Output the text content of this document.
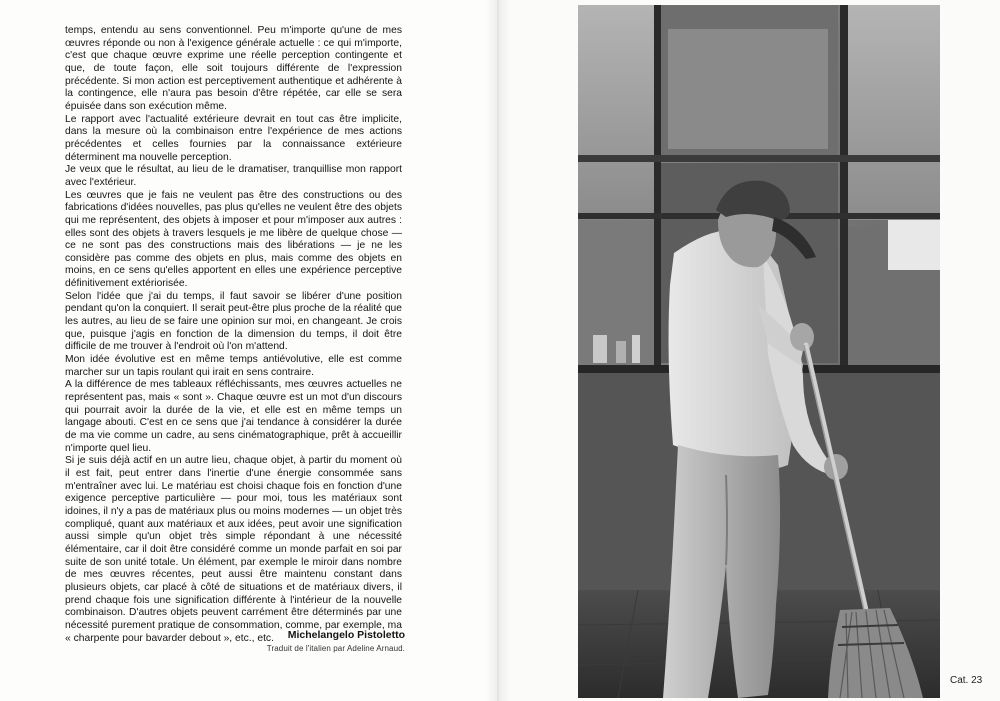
temps, entendu au sens conventionnel. Peu m'importe qu'une de mes œuvres réponde ou non à l'exigence générale actuelle : ce qui m'importe, c'est que chaque œuvre exprime une réelle perception contingente et que, de toute façon, elle soit toujours différente de l'expression précédente. Si mon action est perceptivement authentique et adhérente à la contingence, elle n'aura pas besoin d'être répétée, car elle se sera épuisée dans son exécution même.

Le rapport avec l'actualité extérieure devrait en tout cas être implicite, dans la mesure où la combinaison entre l'expérience de mes actions précédentes et celles fournies par la connaissance extérieure déterminent ma nouvelle perception.

Je veux que le résultat, au lieu de le dramatiser, tranquillise mon rapport avec l'extérieur.

Les œuvres que je fais ne veulent pas être des constructions ou des fabrications d'idées nouvelles, pas plus qu'elles ne veulent être des objets qui me représentent, des objets à imposer et pour m'imposer aux autres : elles sont des objets à travers lesquels je me libère de quelque chose — ce ne sont pas des constructions mais des libérations — je ne les considère pas comme des objets en plus, mais comme des objets en moins, en ce sens qu'elles apportent en elles une expérience perceptive définitivement extériorisée.

Selon l'idée que j'ai du temps, il faut savoir se libérer d'une position pendant qu'on la conquiert. Il serait peut-être plus proche de la réalité que les autres, au lieu de se faire une opinion sur moi, en changeant. Je crois que, puisque j'agis en fonction de la dimension du temps, il doit être difficile de me trouver à l'endroit où l'on m'attend.

Mon idée évolutive est en même temps antiévolutive, elle est comme marcher sur un tapis roulant qui irait en sens contraire.

A la différence de mes tableaux réfléchissants, mes œuvres actuelles ne représentent pas, mais « sont ». Chaque œuvre est un mot d'un discours qui pourrait avoir la durée de la vie, et elle est en même temps un langage abouti. C'est en ce sens que j'ai tendance à considérer la durée de ma vie comme un cadre, au sens cinématographique, prêt à accueillir n'importe quel lieu.

Si je suis déjà actif en un autre lieu, chaque objet, à partir du moment où il est fait, peut entrer dans l'inertie d'une énergie consommée sans m'entraîner avec lui. Le matériau est choisi chaque fois en fonction d'une exigence perceptive particulière — pour moi, tous les matériaux sont idoines, il n'y a pas de matériaux plus ou moins modernes — un objet très compliqué, quant aux matériaux et aux idées, peut avoir une signification aussi simple qu'un objet très simple répondant à une nécessité élémentaire, car il doit être considéré comme un monde parfait en soi par suite de son unité totale. Un élément, par exemple le miroir dans nombre de mes œuvres récentes, peut aussi être maintenu constant dans plusieurs objets, car placé à côté de situations et de matériaux divers, il prend chaque fois une signification différente à l'intérieur de la nouvelle combinaison. D'autres objets peuvent carrément être déterminés par une nécessité purement pratique de consommation, comme, par exemple, ma « charpente pour bavarder debout », etc., etc.	Michelangelo Pistoletto
Traduit de l'italien par Adeline Arnaud.
Cat. 23
